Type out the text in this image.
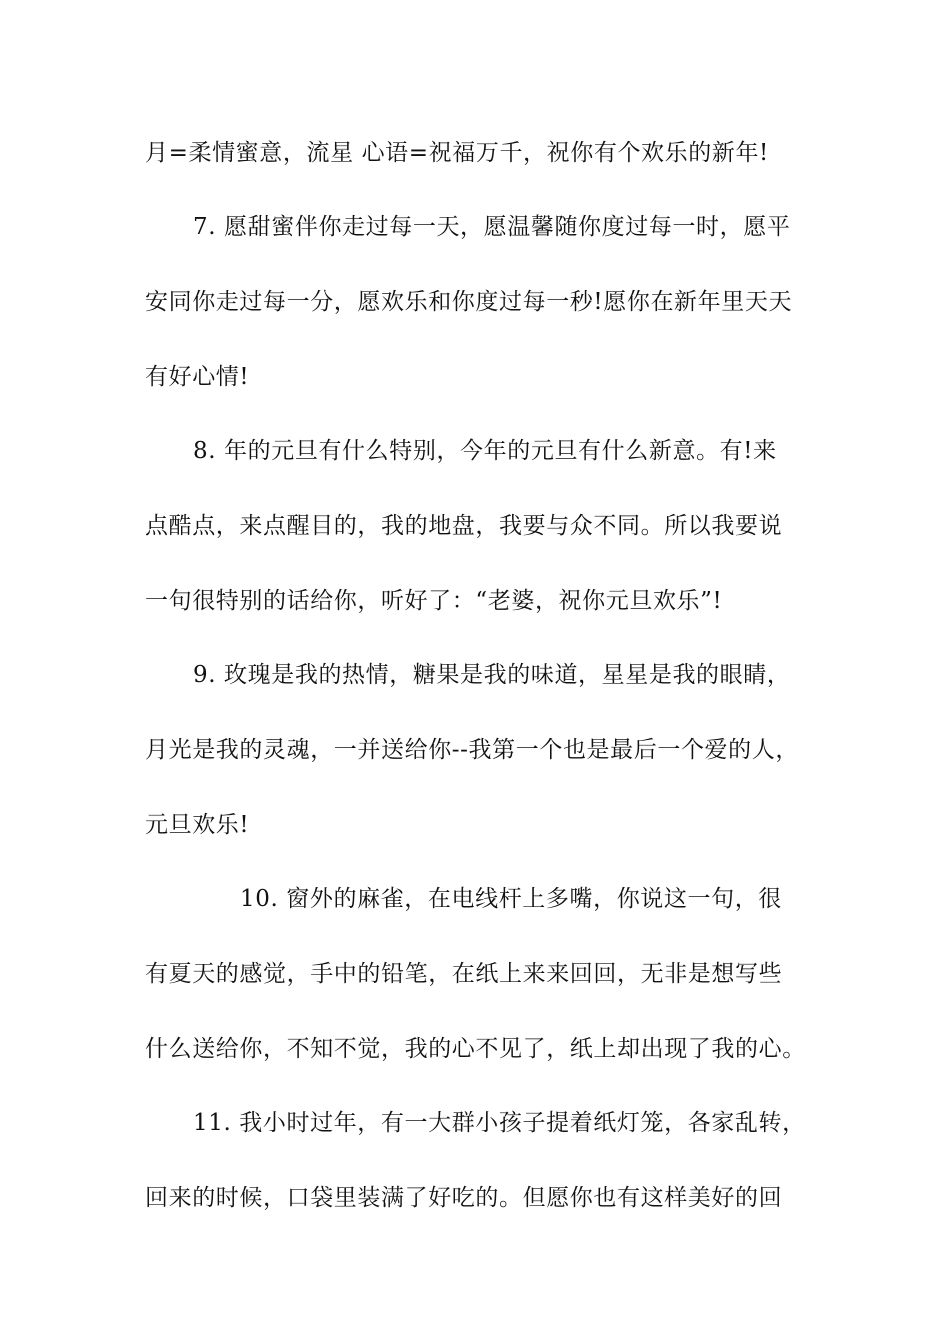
月=柔情蜜意，流星 心语=祝福万千，祝你有个欢乐的新年!
7. 愿甜蜜伴你走过每一天，愿温馨随你度过每一时，愿平
安同你走过每一分，愿欢乐和你度过每一秒!愿你在新年里天天
有好心情!
8. 年的元旦有什么特别，今年的元旦有什么新意。有!来
点酷点，来点醒目的，我的地盘，我要与众不同。所以我要说
一句很特别的话给你，听好了：“老婆，祝你元旦欢乐”!
9. 玫瑰是我的热情，糖果是我的味道，星星是我的眼睛，
月光是我的灵魂，一并送给你--我第一个也是最后一个爱的人，
元旦欢乐!
10. 窗外的麻雀，在电线杆上多嘴，你说这一句，很
有夏天的感觉，手中的铅笔，在纸上来来回回，无非是想写些
什么送给你，不知不觉，我的心不见了，纸上却出现了我的心。
11. 我小时过年，有一大群小孩子提着纸灯笼，各家乱转，
回来的时候，口袋里装满了好吃的。但愿你也有这样美好的回
